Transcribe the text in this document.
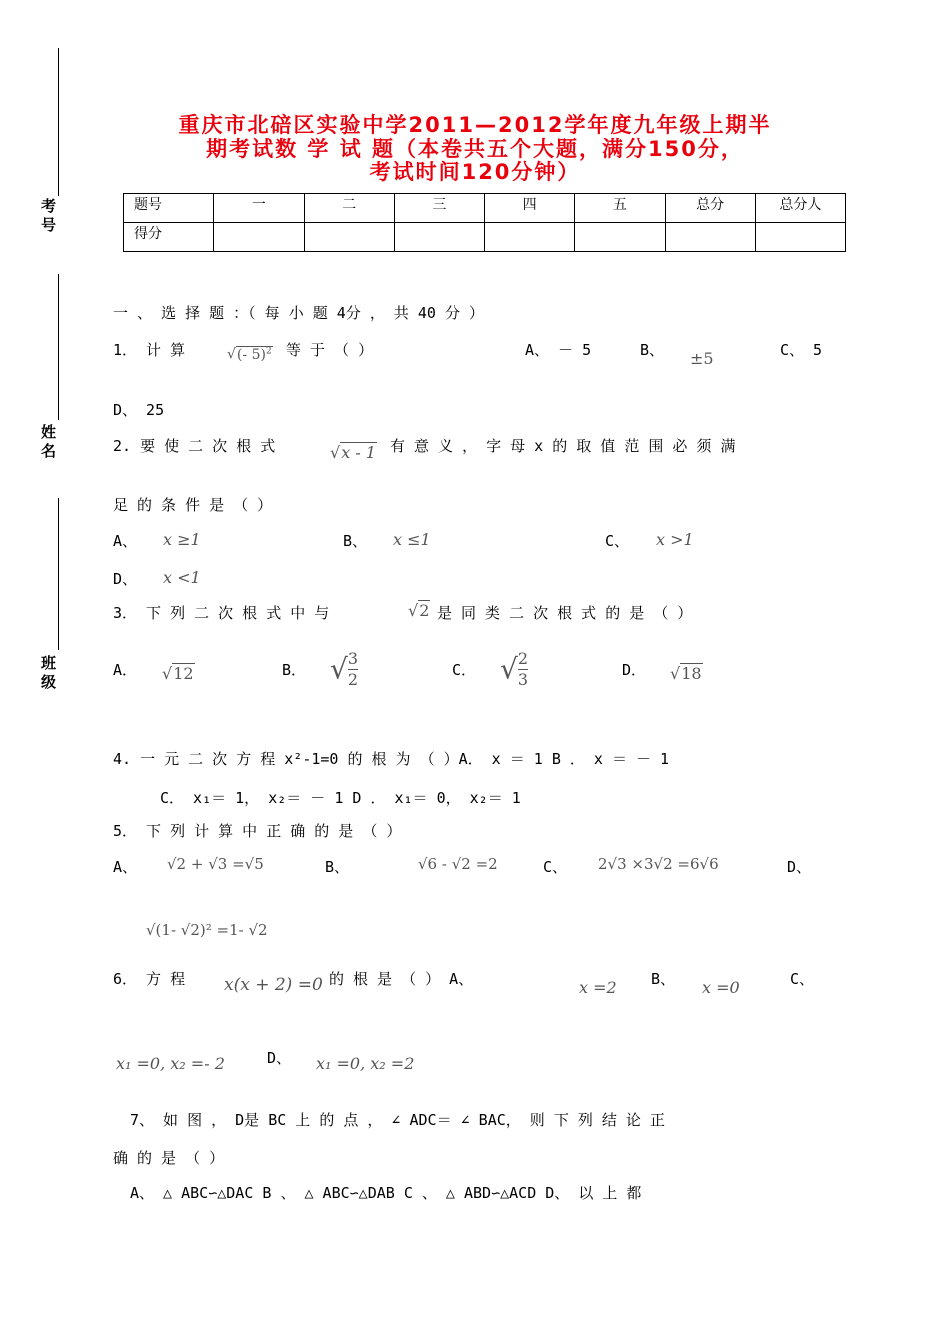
考号
姓名
班级
重庆市北碚区实验中学2011—2012学年度九年级上期半
期考试数 学 试 题（本卷共五个大题，满分150分，
考试时间120分钟）
题号	一	二	三	四	五	总分	总分人
得分							
一 、 选 择 题 ：（ 每 小 题 4分 ， 共 40 分 ）
1． 计 算	√(- 5)$^2$ 等 于 （ ）	A、 － 5	B、 ±5	C、 5
D、 25
2. 要 使 二 次 根 式	√x - 1 有 意 义 ， 字 母 x 的 取 值 范 围 必 须 满
足 的 条 件 是 （ ）
A、 x ≥1	B、 x ≤1	C、 x >1
D、 x <1
3． 下 列 二 次 根 式 中 与	√2 是 同 类 二 次 根 式 的 是 （ ）
A． √12	B． √ $\frac{3}{2}$	C． √ $\frac{2}{3}$	D． √18
4. 一 元 二 次 方 程 x²-1=0 的 根 为 （ ）A． x ＝ 1 B ． x ＝ － 1
C． x₁＝ 1， x₂＝ － 1 D ． x₁＝ 0， x₂＝ 1
5． 下 列 计 算 中 正 确 的 是 （ ）
A、 √2 + √3 =√5	B、	√6 - √2 =2	C、 2√3 ×3√2 =6√6	D、
√(1- √2)² =1- √2
6． 方 程 x(x + 2) =0 的 根 是 （ ） A、	x =2 B、 x =0	C、
x₁ =0, x₂ =- 2	D、 x₁ =0, x₂ =2
7、 如 图 ， D是 BC 上 的 点 ， ∠ ADC＝ ∠ BAC， 则 下 列 结 论 正
确 的 是 （ ）
A、 △ ABC∽△DAC B 、 △ ABC∽△DAB C 、 △ ABD∽△ACD D、 以 上 都
